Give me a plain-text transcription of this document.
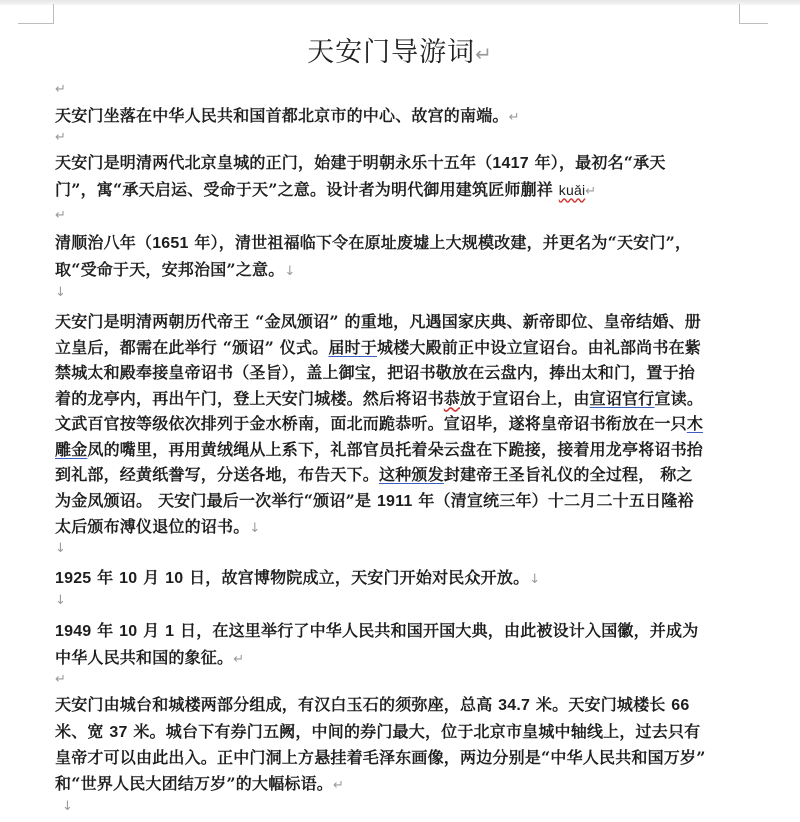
天安门导游词↵
↵
天安门坐落在中华人民共和国首都北京市的中心、故宫的南端。↵
↵
天安门是明清两代北京皇城的正门，始建于明朝永乐十五年（1417 年），最初名“承天
门”，寓“承天启运、受命于天”之意。设计者为明代御用建筑匠师蒯祥 kuǎi↵
↵
清顺治八年（1651 年），清世祖福临下令在原址废墟上大规模改建，并更名为“天安门”，
取“受命于天，安邦治国”之意。↓
↓
天安门是明清两朝历代帝王 “金凤颁诏” 的重地，凡遇国家庆典、新帝即位、皇帝结婚、册
立皇后，都需在此举行 “颁诏” 仪式。届时于城楼大殿前正中设立宣诏台。由礼部尚书在紫
禁城太和殿奉接皇帝诏书（圣旨），盖上御宝，把诏书敬放在云盘内，捧出太和门，置于抬
着的龙亭内，再出午门，登上天安门城楼。然后将诏书恭放于宣诏台上，由宣诏官行宣读。
文武百官按等级依次排列于金水桥南，面北而跪恭听。宣诏毕，遂将皇帝诏书衔放在一只木
雕金凤的嘴里，再用黄绒绳从上系下，礼部官员托着朵云盘在下跪接，接着用龙亭将诏书抬
到礼部，经黄纸誊写，分送各地，布告天下。这种颁发封建帝王圣旨礼仪的全过程， 称之
为金凤颁诏。 天安门最后一次举行“颁诏”是 1911 年（清宣统三年）十二月二十五日隆裕
太后颁布溥仪退位的诏书。↓
↓
1925 年 10 月 10 日，故宫博物院成立，天安门开始对民众开放。↓
↓
1949 年 10 月 1 日，在这里举行了中华人民共和国开国大典，由此被设计入国徽，并成为
中华人民共和国的象征。↵
↵
天安门由城台和城楼两部分组成，有汉白玉石的须弥座，总高 34.7 米。天安门城楼长 66
米、宽 37 米。城台下有券门五阙，中间的券门最大，位于北京市皇城中轴线上，过去只有
皇帝才可以由此出入。正中门洞上方悬挂着毛泽东画像，两边分别是“中华人民共和国万岁”
和“世界人民大团结万岁”的大幅标语。↵
↓
